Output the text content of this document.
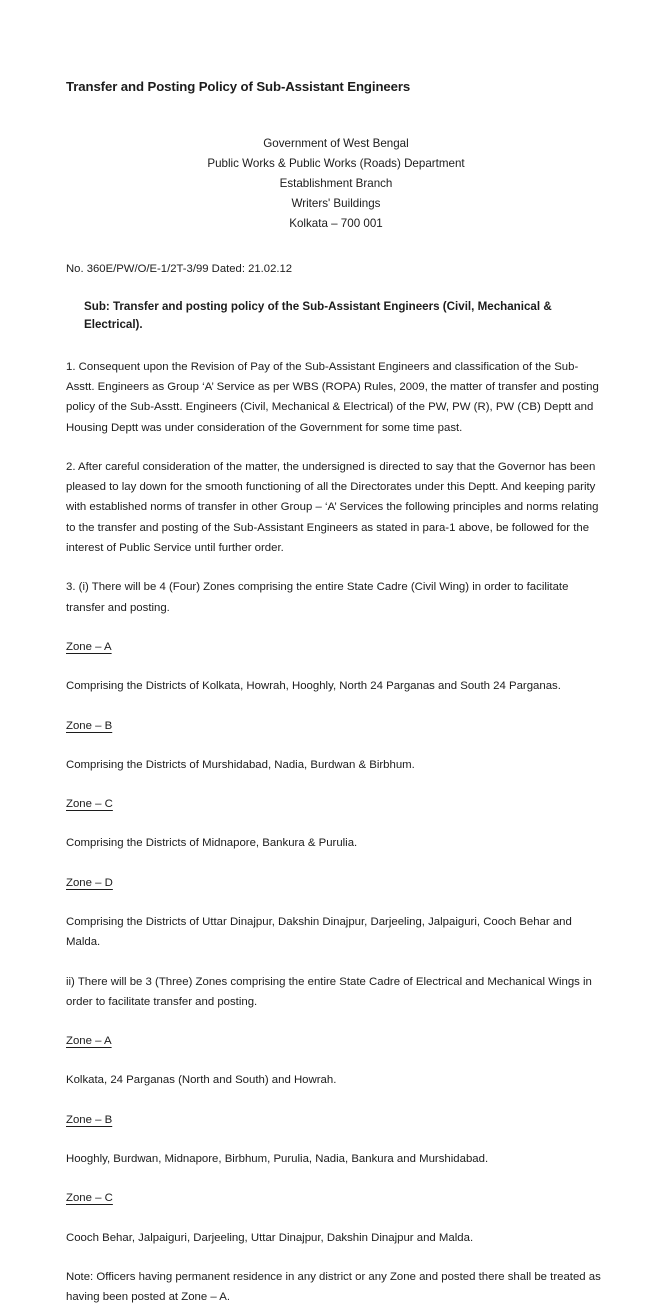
Transfer and Posting Policy of Sub-Assistant Engineers
Government of West Bengal
Public Works & Public Works (Roads) Department
Establishment Branch
Writers' Buildings
Kolkata – 700 001
No. 360E/PW/O/E-1/2T-3/99 Dated: 21.02.12
Sub: Transfer and posting policy of the Sub-Assistant Engineers (Civil, Mechanical & Electrical).

1. Consequent upon the Revision of Pay of the Sub-Assistant Engineers and classification of the Sub-Asstt. Engineers as Group ‘A’ Service as per WBS (ROPA) Rules, 2009, the matter of transfer and posting policy of the Sub-Asstt. Engineers (Civil, Mechanical & Electrical) of the PW, PW (R), PW (CB) Deptt and Housing Deptt was under consideration of the Government for some time past.

2. After careful consideration of the matter, the undersigned is directed to say that the Governor has been pleased to lay down for the smooth functioning of all the Directorates under this Deptt. And keeping parity with established norms of transfer in other Group – ‘A’ Services the following principles and norms relating to the transfer and posting of the Sub-Assistant Engineers as stated in para-1 above, be followed for the interest of Public Service until further order.

3. (i) There will be 4 (Four) Zones comprising the entire State Cadre (Civil Wing) in order to facilitate transfer and posting.

Zone – A
Comprising the Districts of Kolkata, Howrah, Hooghly, North 24 Parganas and South 24 Parganas.
Zone – B
Comprising the Districts of Murshidabad, Nadia, Burdwan & Birbhum.
Zone – C
Comprising the Districts of Midnapore, Bankura & Purulia.
Zone – D
Comprising the Districts of Uttar Dinajpur, Dakshin Dinajpur, Darjeeling, Jalpaiguri, Cooch Behar and Malda.

ii) There will be 3 (Three) Zones comprising the entire State Cadre of Electrical and Mechanical Wings in order to facilitate transfer and posting.

Zone – A
Kolkata, 24 Parganas (North and South) and Howrah.
Zone – B
Hooghly, Burdwan, Midnapore, Birbhum, Purulia, Nadia, Bankura and Murshidabad.
Zone – C
Cooch Behar, Jalpaiguri, Darjeeling, Uttar Dinajpur, Dakshin Dinajpur and Malda.

Note: Officers having permanent residence in any district or any Zone and posted there shall be treated as having been posted at Zone – A.
